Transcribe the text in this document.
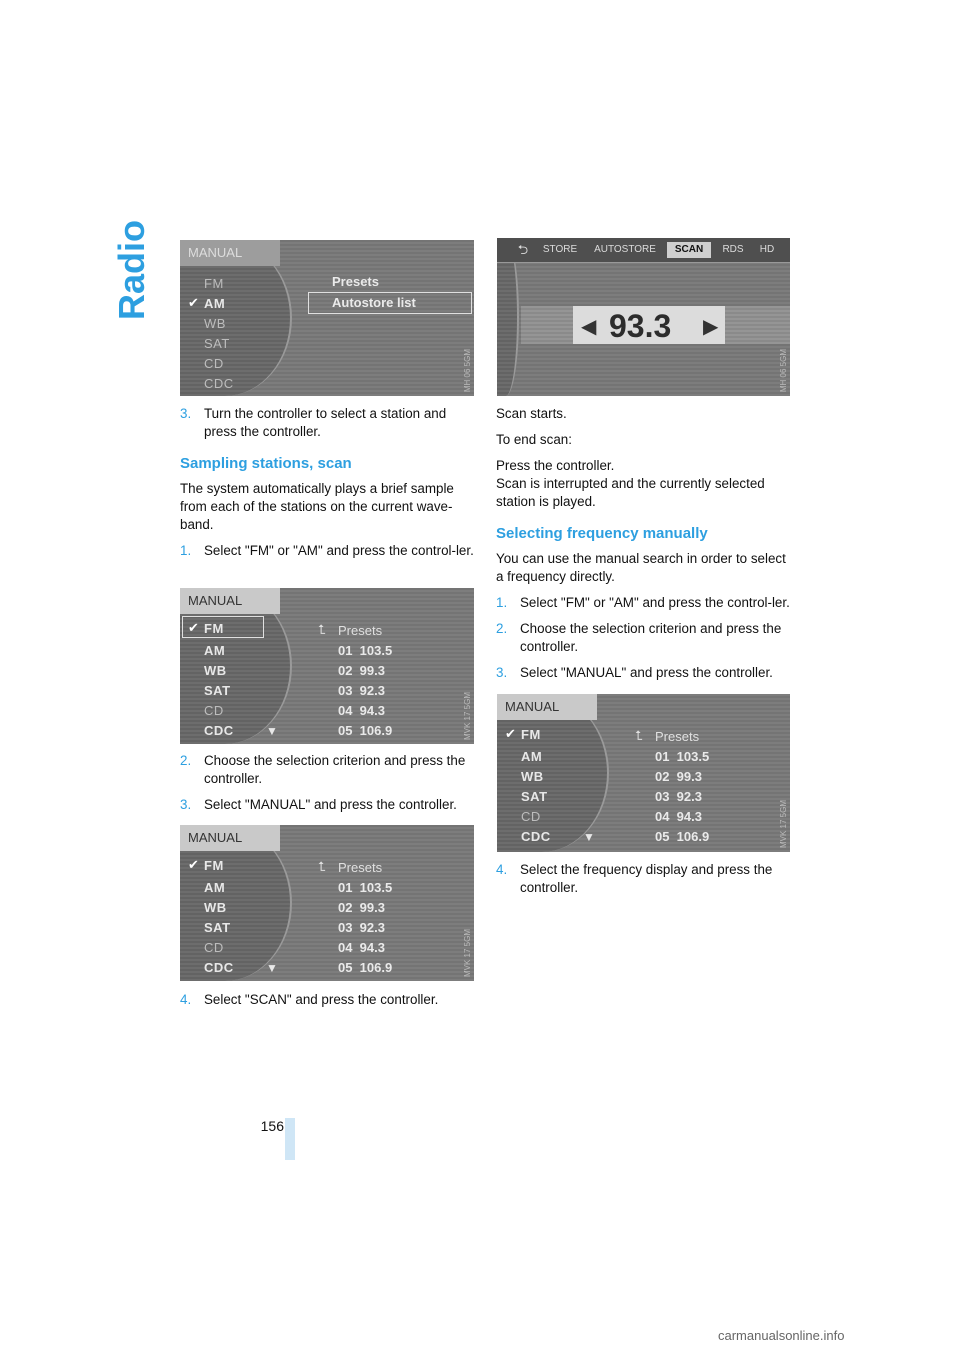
Radio	MANUAL
FM
✔ AM
WB
SAT
CD
CDC
Presets
Autostore list
MH 06 5GM
⮌	STORE	AUTOSTORE	SCAN	RDS	HD
◀ 93.3 ▶
MH 06 5GM
3. Turn the controller to select a station and press the controller.
Sampling stations, scan

The system automatically plays a brief sample from each of the stations on the current wave-band.

1. Select "FM" or "AM" and press the control-ler.
MANUAL
✔ FM
AM
WB
SAT
CD
CDC	▼
⮤ Presets
01  103.5
02  99.3
03  92.3
04  94.3
05  106.9	MVK 17 5GM
2. Choose the selection criterion and press the controller.
3. Select "MANUAL" and press the controller.
MANUAL
✔ FM
AM
WB
SAT
CD
CDC	▼
⮤ Presets
01  103.5
02  99.3
03  92.3
04  94.3
05  106.9	MVK 17 5GM
4. Select "SCAN" and press the controller.

Scan starts.

To end scan:

Press the controller.

Scan is interrupted and the currently selected station is played.

Selecting frequency manually

You can use the manual search in order to select a frequency directly.

1. Select "FM" or "AM" and press the control-ler.
2. Choose the selection criterion and press the controller.
3. Select "MANUAL" and press the controller.
MANUAL
✔ FM
AM
WB
SAT
CD
CDC	▼
⮤ Presets
01  103.5
02  99.3
03  92.3
04  94.3
05  106.9	MVK 17 5GM
4. Select the frequency display and press the controller.
156
carmanualsonline.info
